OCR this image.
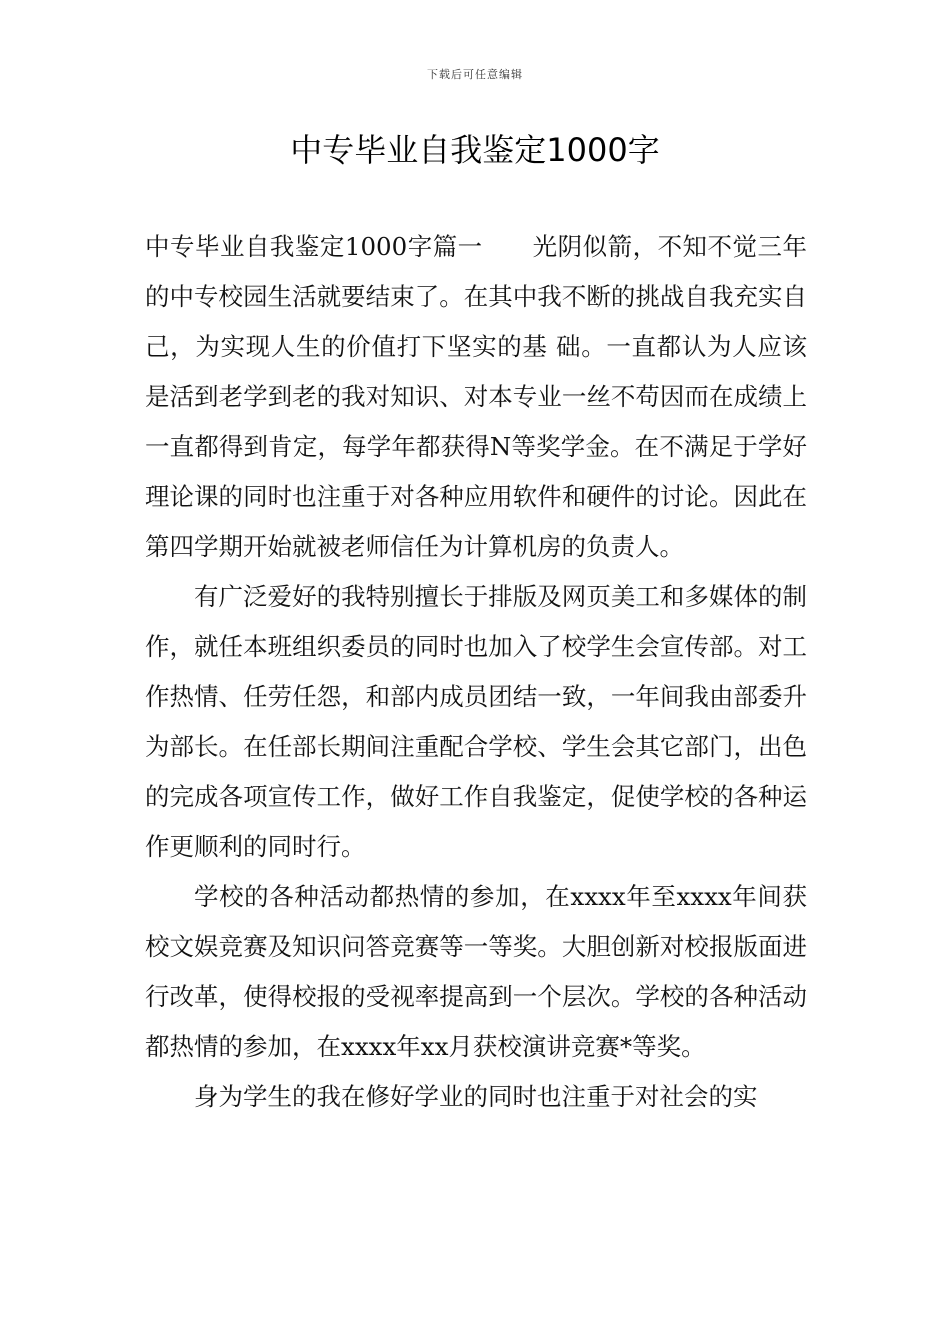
下载后可任意编辑
中专毕业自我鉴定1000字

中专毕业自我鉴定1000字篇一　　光阴似箭，不知不觉三年的中专校园生活就要结束了。在其中我不断的挑战自我充实自己，为实现人生的价值打下坚实的基 础。一直都认为人应该是活到老学到老的我对知识、对本专业一丝不苟因而在成绩上一直都得到肯定，每学年都获得N等奖学金。在不满足于学好理论课的同时也注重于对各种应用软件和硬件的讨论。因此在第四学期开始就被老师信任为计算机房的负责人。

有广泛爱好的我特别擅长于排版及网页美工和多媒体的制作，就任本班组织委员的同时也加入了校学生会宣传部。对工作热情、任劳任怨，和部内成员团结一致，一年间我由部委升为部长。在任部长期间注重配合学校、学生会其它部门，出色的完成各项宣传工作，做好工作自我鉴定，促使学校的各种运作更顺利的同时行。

学校的各种活动都热情的参加，在xxxx年至xxxx年间获校文娱竞赛及知识问答竞赛等一等奖。大胆创新对校报版面进行改革，使得校报的受视率提高到一个层次。学校的各种活动都热情的参加，在xxxx年xx月获校演讲竞赛*等奖。

身为学生的我在修好学业的同时也注重于对社会的实
